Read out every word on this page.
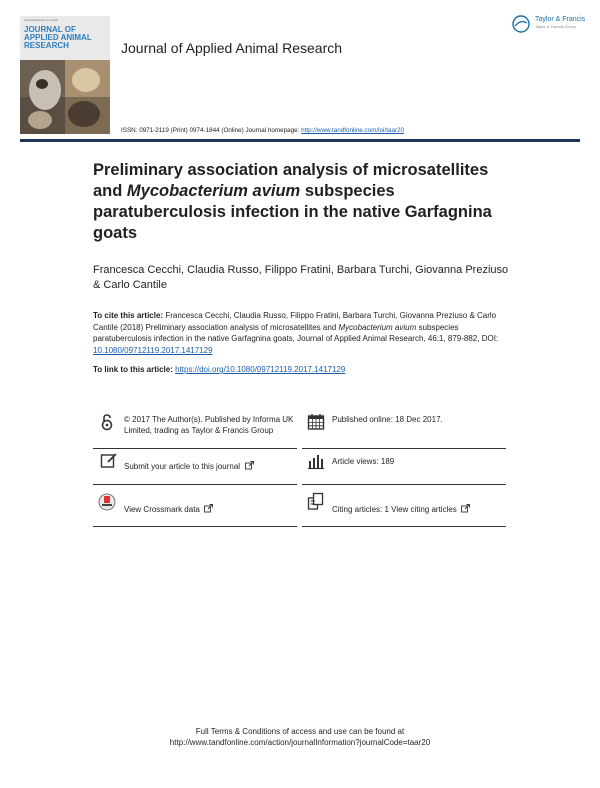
www.tandfonline.com/taar
JOURNAL OF APPLIED ANIMAL RESEARCH	Journal of Applied Animal Research
Taylor & Francis
Taylor & Francis Group
ISSN: 0971-2119 (Print) 0974-1844 (Online) Journal homepage: http://www.tandfonline.com/loi/taar20
Preliminary association analysis of microsatellites and Mycobacterium avium subspecies paratuberculosis infection in the native Garfagnina goats
Francesca Cecchi, Claudia Russo, Filippo Fratini, Barbara Turchi, Giovanna Preziuso & Carlo Cantile
To cite this article: Francesca Cecchi, Claudia Russo, Filippo Fratini, Barbara Turchi, Giovanna Preziuso & Carlo Cantile (2018) Preliminary association analysis of microsatellites and Mycobacterium avium subspecies paratuberculosis infection in the native Garfagnina goats, Journal of Applied Animal Research, 46:1, 879-882, DOI: 10.1080/09712119.2017.1417129
To link to this article: https://doi.org/10.1080/09712119.2017.1417129
© 2017 The Author(s). Published by Informa UK Limited, trading as Taylor & Francis Group
Submit your article to this journal
View Crossmark data
Published online: 18 Dec 2017.
Article views: 189
Citing articles: 1 View citing articles
Full Terms & Conditions of access and use can be found at
http://www.tandfonline.com/action/journalInformation?journalCode=taar20
